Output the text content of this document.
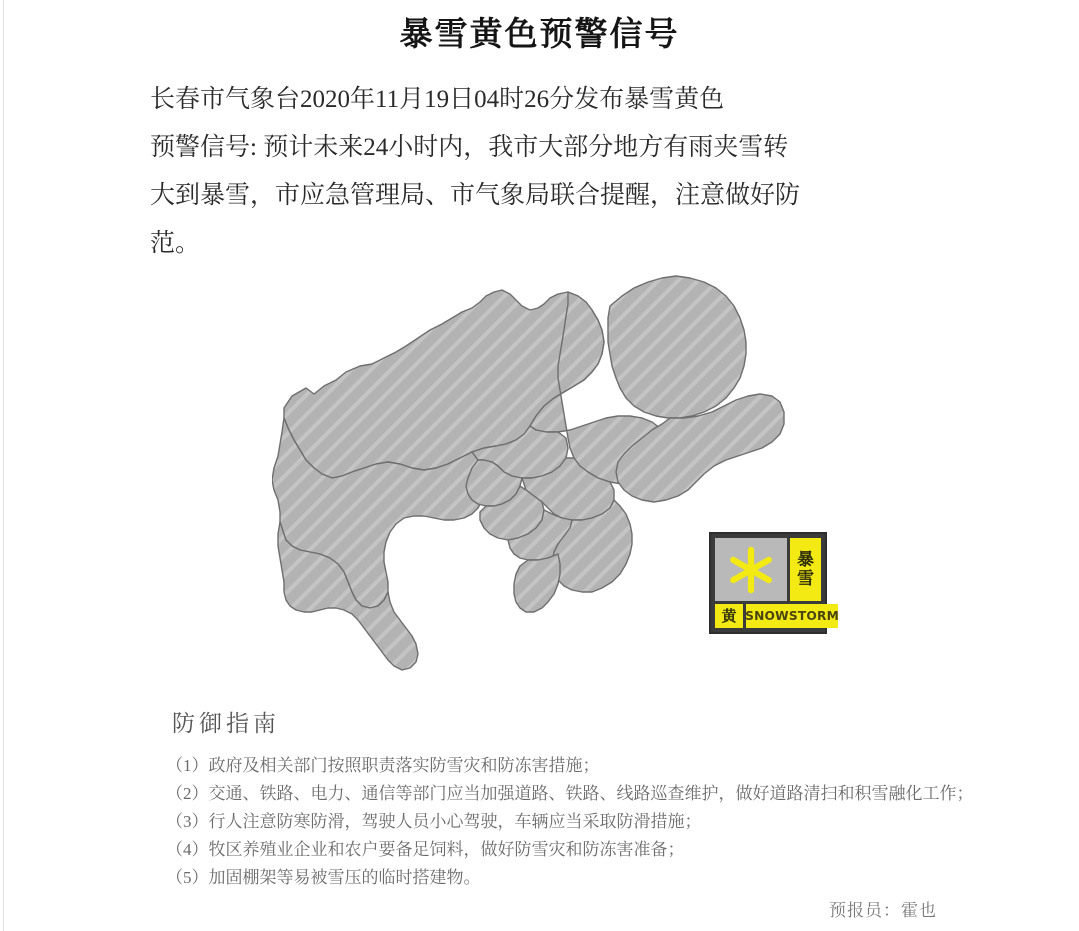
暴雪黄色预警信号
长春市气象台2020年11月19日04时26分发布暴雪黄色
预警信号: 预计未来24小时内，我市大部分地方有雨夹雪转
大到暴雪，市应急管理局、市气象局联合提醒，注意做好防
范。
暴
雪
黄 SNOWSTORM
防御指南
（1）政府及相关部门按照职责落实防雪灾和防冻害措施；
（2）交通、铁路、电力、通信等部门应当加强道路、铁路、线路巡查维护，做好道路清扫和积雪融化工作；
（3）行人注意防寒防滑，驾驶人员小心驾驶，车辆应当采取防滑措施；
（4）牧区养殖业企业和农户要备足饲料，做好防雪灾和防冻害准备；
（5）加固棚架等易被雪压的临时搭建物。
预报员：霍也
